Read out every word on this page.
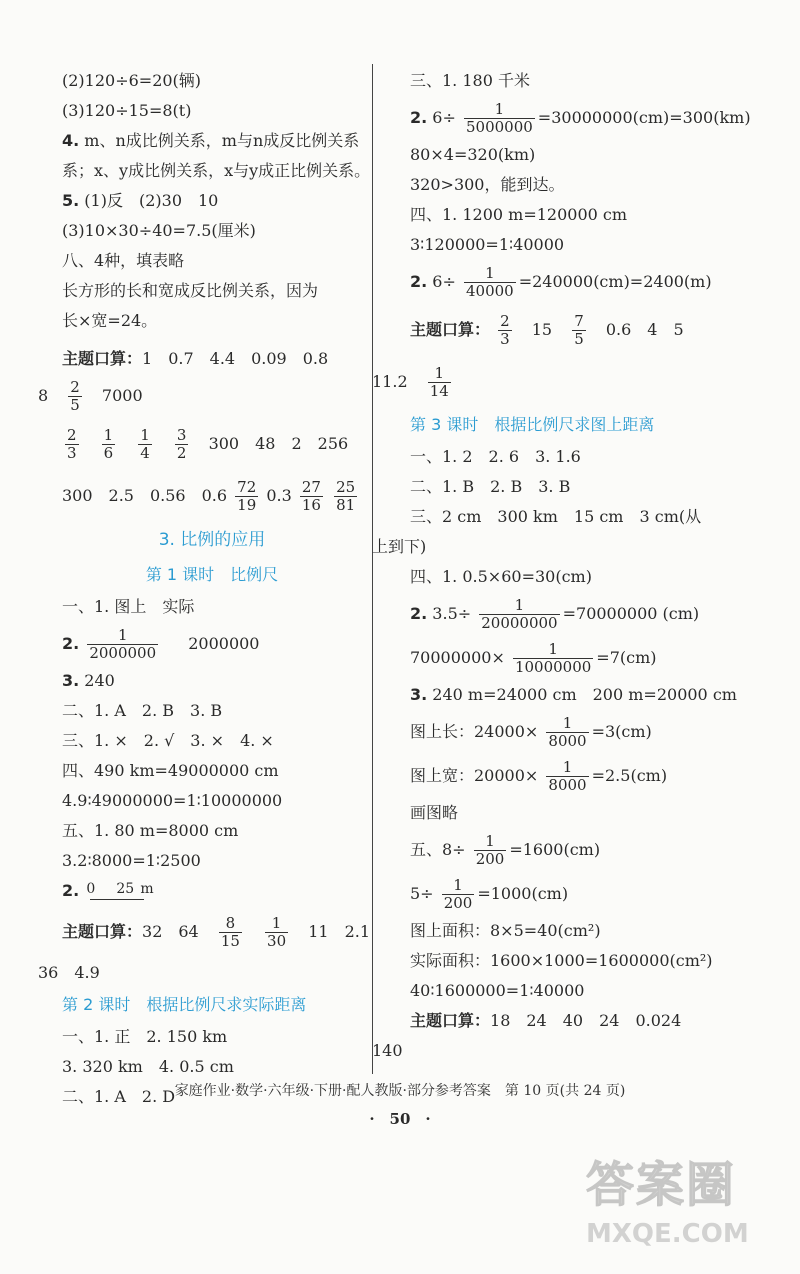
(2)120÷6=20(辆)
(3)120÷15=8(t)
4. m、n成比例关系，m与n成反比例关系
系；x、y成比例关系，x与y成正比例关系。
5. (1)反　(2)30　10
(3)10×30÷40=7.5(厘米)
八、4种，填表略
长方形的长和宽成反比例关系，因为
长×宽=24。
主题口算：1　0.7　4.4　0.09　0.8
$8 \frac{2}{5} 7000$
$\frac{2}{3}$
$\frac{1}{6}$
$\frac{1}{4}$
$\frac{3}{2} 300$　48　2　256
300　2.5　0.56　$0.6 \frac{72}{19} 0.3 \frac{27}{16}$
$\frac{25}{81}$
3. 比例的应用
第 1 课时　比例尺
一、1. 图上　实际
2. $\frac{1}{2000000} 2000000$
3. 240
二、1. A　2. B　3. B
三、1. ×　2. √　3. ×　4. ×
四、490 km=49000000 cm
4.9∶49000000=1∶10000000
五、1. 80 m=8000 cm
3.2∶8000=1∶2500
2. 0 25 m
主题口算：32　$64 \frac{8}{15}$
$\frac{1}{30} 11$　2.1
36　4.9
第 2 课时　根据比例尺求实际距离
一、1. 正　2. 150 km
3. 320 km　4. 0.5 cm
二、1. A　2. D
三、1. 180 千米
2. $6\div \frac{1}{5000000} =30000000(cm)=300(km)$
80×4=320(km)
320>300，能到达。
四、1. 1200 m=120000 cm
3∶120000=1∶40000
2. $6\div \frac{1}{40000} =240000(cm)=2400(m)$
主题口算： $\frac{2}{3} 15 \frac{7}{5} 0.6$　4　5
$11.2 \frac{1}{14}$
第 3 课时　根据比例尺求图上距离
一、1. 2　2. 6　3. 1.6
二、1. B　2. B　3. B
三、2 cm　300 km　15 cm　3 cm(从
上到下)
四、1. 0.5×60=30(cm)
2. $3.5\div \frac{1}{20000000} =70000000$ (cm)
$70000000\times \frac{1}{10000000} =7(cm)$
3. 240 m=24000 cm　200 m=20000 cm
图上长：$24000\times \frac{1}{8000} =3(cm)$
图上宽：$20000\times \frac{1}{8000} =2.5(cm)$
画图略
五、$8\div \frac{1}{200} =1600(cm)$
$5\div \frac{1}{200} =1000(cm)$
图上面积：8×5=40(cm²)
实际面积：1600×1000=1600000(cm²)
40∶1600000=1∶40000
主题口算：18　24　40　24　0.024
140
家庭作业·数学·六年级·下册·配人教版·部分参考答案　第 10 页(共 24 页)
·　50　·
答案圈
MXQE.COM
